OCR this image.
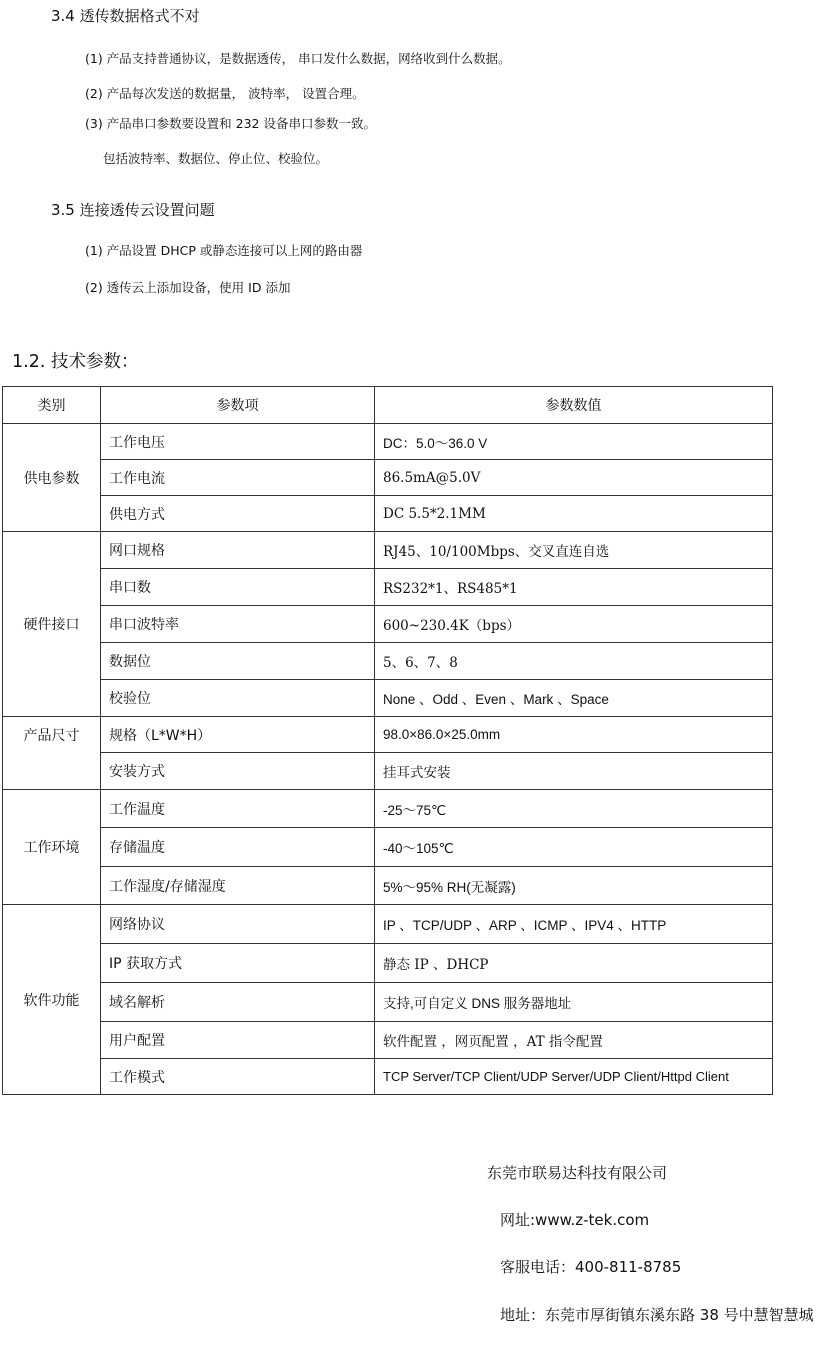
3.4 透传数据格式不对
(1) 产品支持普通协议，是数据透传， 串口发什么数据，网络收到什么数据。
(2) 产品每次发送的数据量， 波特率， 设置合理。
(3) 产品串口参数要设置和 232 设备串口参数一致。
包括波特率、数据位、停止位、校验位。
3.5 连接透传云设置问题
(1) 产品设置 DHCP 或静态连接可以上网的路由器
(2) 透传云上添加设备，使用 ID 添加
1.2. 技术参数：
类别	参数项	参数数值
供电参数	工作电压	DC：5.0～36.0 V
	工作电流	86.5mA@5.0V
	供电方式	DC 5.5*2.1MM
硬件接口	网口规格	RJ45、10/100Mbps、交叉直连自选
	串口数	RS232*1、RS485*1
	串口波特率	600~230.4K（bps）
	数据位	5、6、7、8
	校验位	None 、Odd 、Even 、Mark 、Space
产品尺寸	规格（L*W*H）	98.0×86.0×25.0mm
	安装方式	挂耳式安装
工作环境	工作温度	-25～75℃
	存储温度	-40～105℃
	工作湿度/存储湿度	5%～95% RH(无凝露)
软件功能	网络协议	IP 、TCP/UDP 、ARP 、ICMP 、IPV4 、HTTP
	IP 获取方式	静态 IP 、DHCP
	域名解析	支持,可自定义 DNS 服务器地址
	用户配置	软件配置 ，网页配置 ，AT 指令配置
	工作模式	TCP Server/TCP Client/UDP Server/UDP Client/Httpd Client
东莞市联易达科技有限公司
网址:www.z-tek.com
客服电话：400-811-8785
地址：东莞市厚街镇东溪东路 38 号中慧智慧城
